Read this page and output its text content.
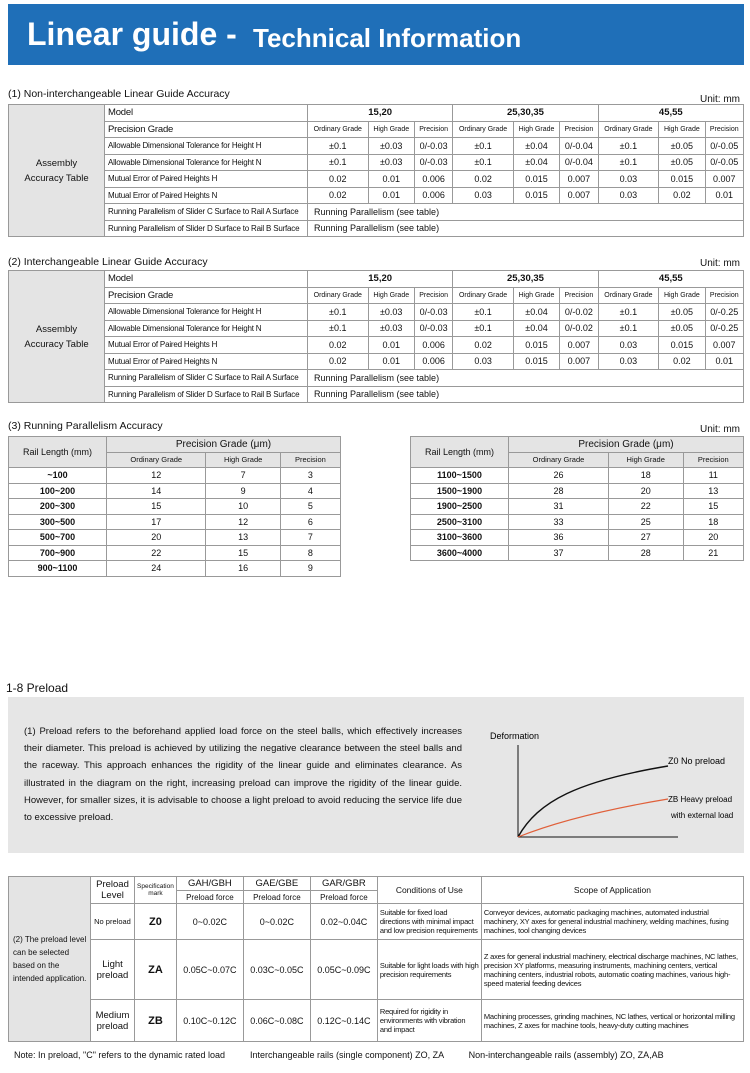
Linear guide - Technical Information
(1) Non-interchangeable Linear Guide Accuracy	Unit: mm
Assembly
Accuracy Table	Model	15,20			25,30,35			45,55		
	Precision Grade	Ordinary Grade	High Grade	Precision	Ordinary Grade	High Grade	Precision	Ordinary Grade	High Grade	Precision
	Allowable Dimensional Tolerance for Height H	±0.1	±0.03	0/-0.03	±0.1	±0.04	0/-0.04	±0.1	±0.05	0/-0.05
	Allowable Dimensional Tolerance for Height N	±0.1	±0.03	0/-0.03	±0.1	±0.04	0/-0.04	±0.1	±0.05	0/-0.05
	Mutual Error of Paired Heights H	0.02	0.01	0.006	0.02	0.015	0.007	0.03	0.015	0.007
	Mutual Error of Paired Heights N	0.02	0.01	0.006	0.03	0.015	0.007	0.03	0.02	0.01
	Running Parallelism of Slider C Surface to Rail A Surface	Running Parallelism (see table)								
	Running Parallelism of Slider D Surface to Rail B Surface	Running Parallelism (see table)								
(2) Interchangeable Linear Guide Accuracy	Unit: mm
Assembly
Accuracy Table	Model	15,20			25,30,35			45,55		
	Precision Grade	Ordinary Grade	High Grade	Precision	Ordinary Grade	High Grade	Precision	Ordinary Grade	High Grade	Precision
	Allowable Dimensional Tolerance for Height H	±0.1	±0.03	0/-0.03	±0.1	±0.04	0/-0.02	±0.1	±0.05	0/-0.25
	Allowable Dimensional Tolerance for Height N	±0.1	±0.03	0/-0.03	±0.1	±0.04	0/-0.02	±0.1	±0.05	0/-0.25
	Mutual Error of Paired Heights H	0.02	0.01	0.006	0.02	0.015	0.007	0.03	0.015	0.007
	Mutual Error of Paired Heights N	0.02	0.01	0.006	0.03	0.015	0.007	0.03	0.02	0.01
	Running Parallelism of Slider C Surface to Rail A Surface	Running Parallelism (see table)								
	Running Parallelism of Slider D Surface to Rail B Surface	Running Parallelism (see table)								
(3) Running Parallelism Accuracy	Unit: mm
Rail Length (mm)	Precision Grade (μm)		
	Ordinary Grade	High Grade	Precision
~100	12	7	3
100~200	14	9	4
200~300	15	10	5
300~500	17	12	6
500~700	20	13	7
700~900	22	15	8
900~1100	24	16	9
Rail Length (mm)	Precision Grade (μm)		
	Ordinary Grade	High Grade	Precision
1100~1500	26	18	11
1500~1900	28	20	13
1900~2500	31	22	15
2500~3100	33	25	18
3100~3600	36	27	20
3600~4000	37	28	21
1-8 Preload
(1) Preload refers to the beforehand applied load force on the steel balls, which effectively increases their diameter. This preload is achieved by utilizing the negative clearance between the steel balls and the raceway. This approach enhances the rigidity of the linear guide and eliminates clearance. As illustrated in the diagram on the right, increasing preload can improve the rigidity of the linear guide. However, for smaller sizes, it is advisable to choose a light preload to avoid reducing the service life due to excessive preload.
Deformation
Z0 No preload
ZB Heavy preload
with external load
(2) The preload level can be selected based on the intended application.	Preload Level	Specification mark	GAH/GBH	GAE/GBE	GAR/GBR	Conditions of Use	Scope of Application
			Preload force	Preload force	Preload force		
	No preload	Z0	0~0.02C	0~0.02C	0.02~0.04C	Suitable for fixed load directions with minimal impact and low precision requirements	Conveyor devices, automatic packaging machines, automated industrial machinery, XY axes for general industrial machinery, welding machines, fusing machines, tool changing devices
	Light preload	ZA	0.05C~0.07C	0.03C~0.05C	0.05C~0.09C	Suitable for light loads with high precision requirements	Z axes for general industrial machinery, electrical discharge machines, NC lathes, precision XY platforms, measuring instruments, machining centers, vertical machining centers, industrial robots, automatic coating machines, various high-speed material feeding devices
	Medium preload	ZB	0.10C~0.12C	0.06C~0.08C	0.12C~0.14C	Required for rigidity in environments with vibration and impact	Machining processes, grinding machines, NC lathes, vertical or horizontal milling machines, Z axes for machine tools, heavy-duty cutting machines
Note: In preload, "C" refers to the dynamic rated load          Interchangeable rails (single component) ZO, ZA          Non-interchangeable rails (assembly) ZO, ZA,AB
